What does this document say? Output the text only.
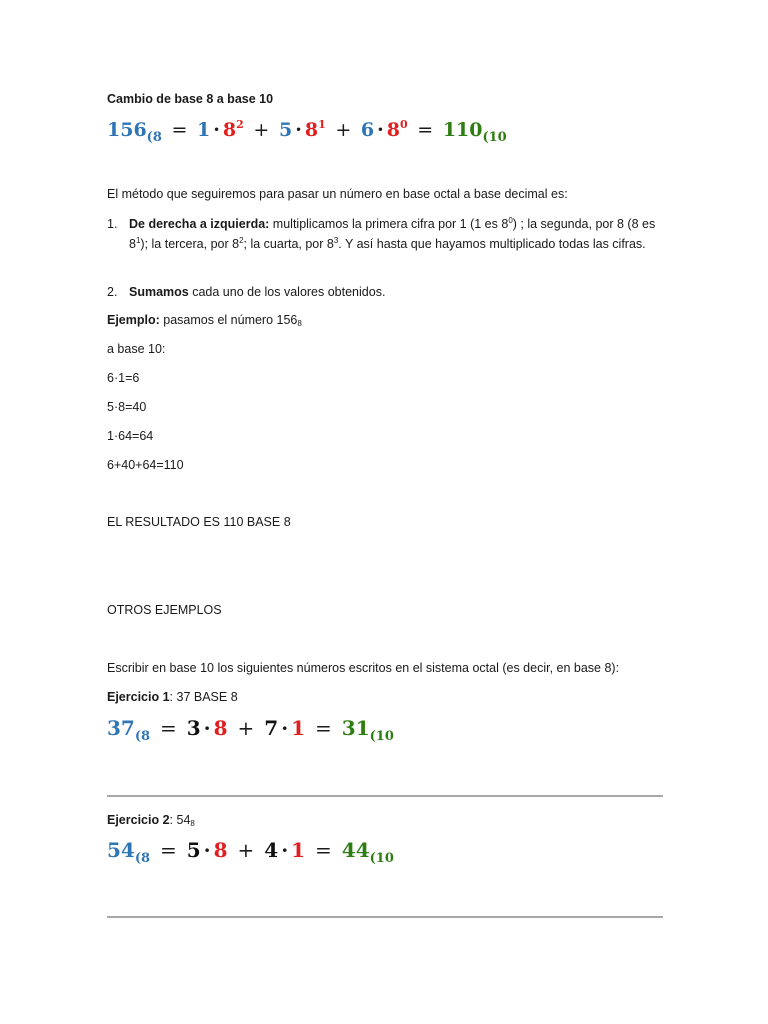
Cambio de base 8 a base 10
$156_{(8} = 1 \cdot 8^2 + 5 \cdot 8^1 + 6 \cdot 8^0 = 110_{(10}$
El método que seguiremos para pasar un número en base octal a base decimal es:
1. De derecha a izquierda: multiplicamos la primera cifra por 1 (1 es $8^0$) ; la segunda, por 8 (8 es $8^1$); la tercera, por $8^2$; la cuarta, por $8^3$. Y así hasta que hayamos multiplicado todas las cifras.
2. Sumamos cada uno de los valores obtenidos.
Ejemplo: pasamos el número 1568
a base 10:
6·1=6
5·8=40
1·64=64
6+40+64=110
EL RESULTADO ES 110 BASE 8
OTROS EJEMPLOS
Escribir en base 10 los siguientes números escritos en el sistema octal (es decir, en base 8):
Ejercicio 1: 37 BASE 8
$37_{(8} = 3 \cdot 8 + 7 \cdot 1 = 31_{(10}$
Ejercicio 2: 548
$54_{(8} = 5 \cdot 8 + 4 \cdot 1 = 44_{(10}$
